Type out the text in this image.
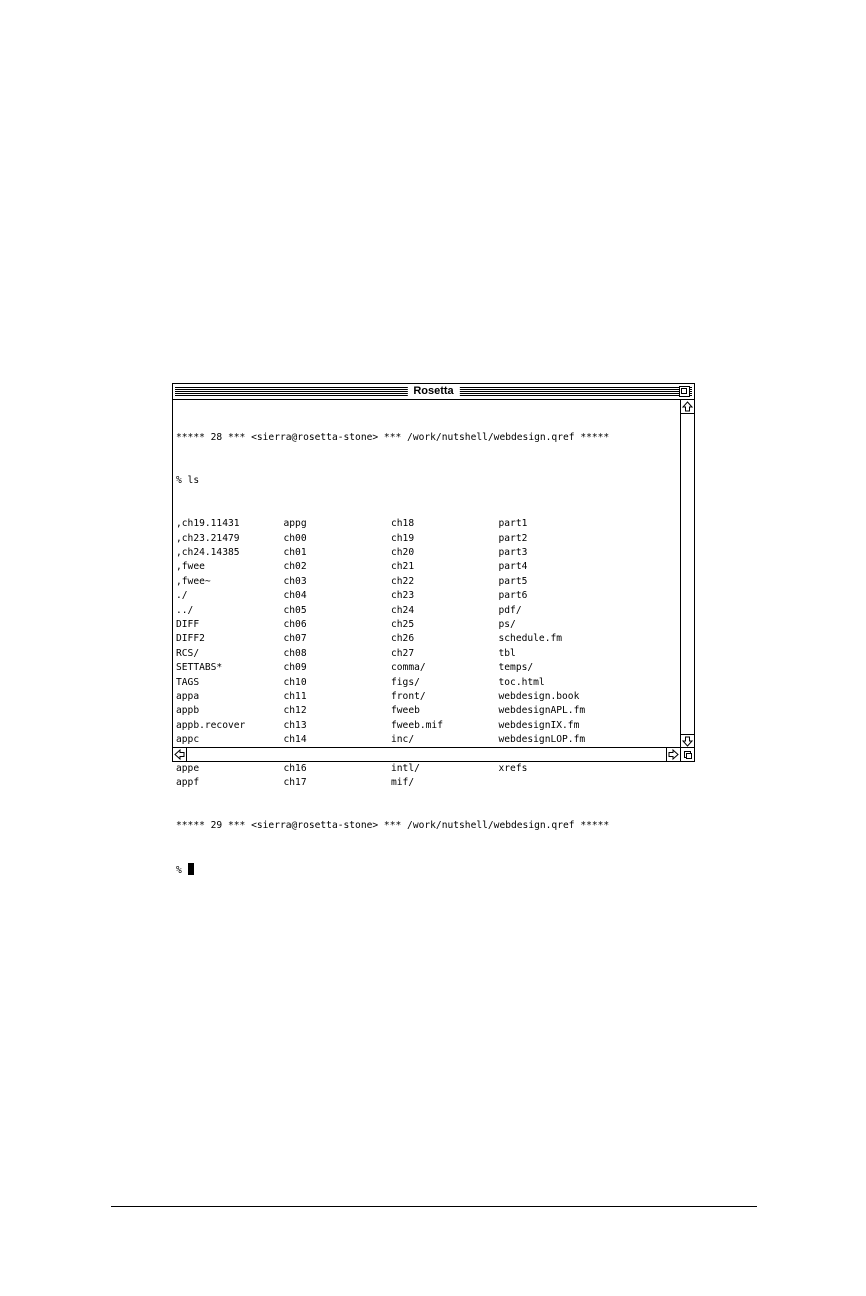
Rosetta

***** 28 *** <sierra@rosetta-stone> *** /work/nutshell/webdesign.qref *****

% ls

,ch19.11431	appg	ch18	part1
,ch23.21479	ch00	ch19	part2
,ch24.14385	ch01	ch20	part3
,fwee	ch02	ch21	part4
,fwee~	ch03	ch22	part5
./	ch04	ch23	part6
../	ch05	ch24	pdf/
DIFF	ch06	ch25	ps/
DIFF2	ch07	ch26	schedule.fm
RCS/	ch08	ch27	tbl
SETTABS*	ch09	comma/	temps/
TAGS	ch10	figs/	toc.html
appa	ch11	front/	webdesign.book
appb	ch12	fweeb	webdesignAPL.fm
appb.recover	ch13	fweeb.mif	webdesignIX.fm
appc	ch14	inc/	webdesignLOP.fm
appe	ch16	intl/	xrefs
appf	ch17	mif/

***** 29 *** <sierra@rosetta-stone> *** /work/nutshell/webdesign.qref *****

%
